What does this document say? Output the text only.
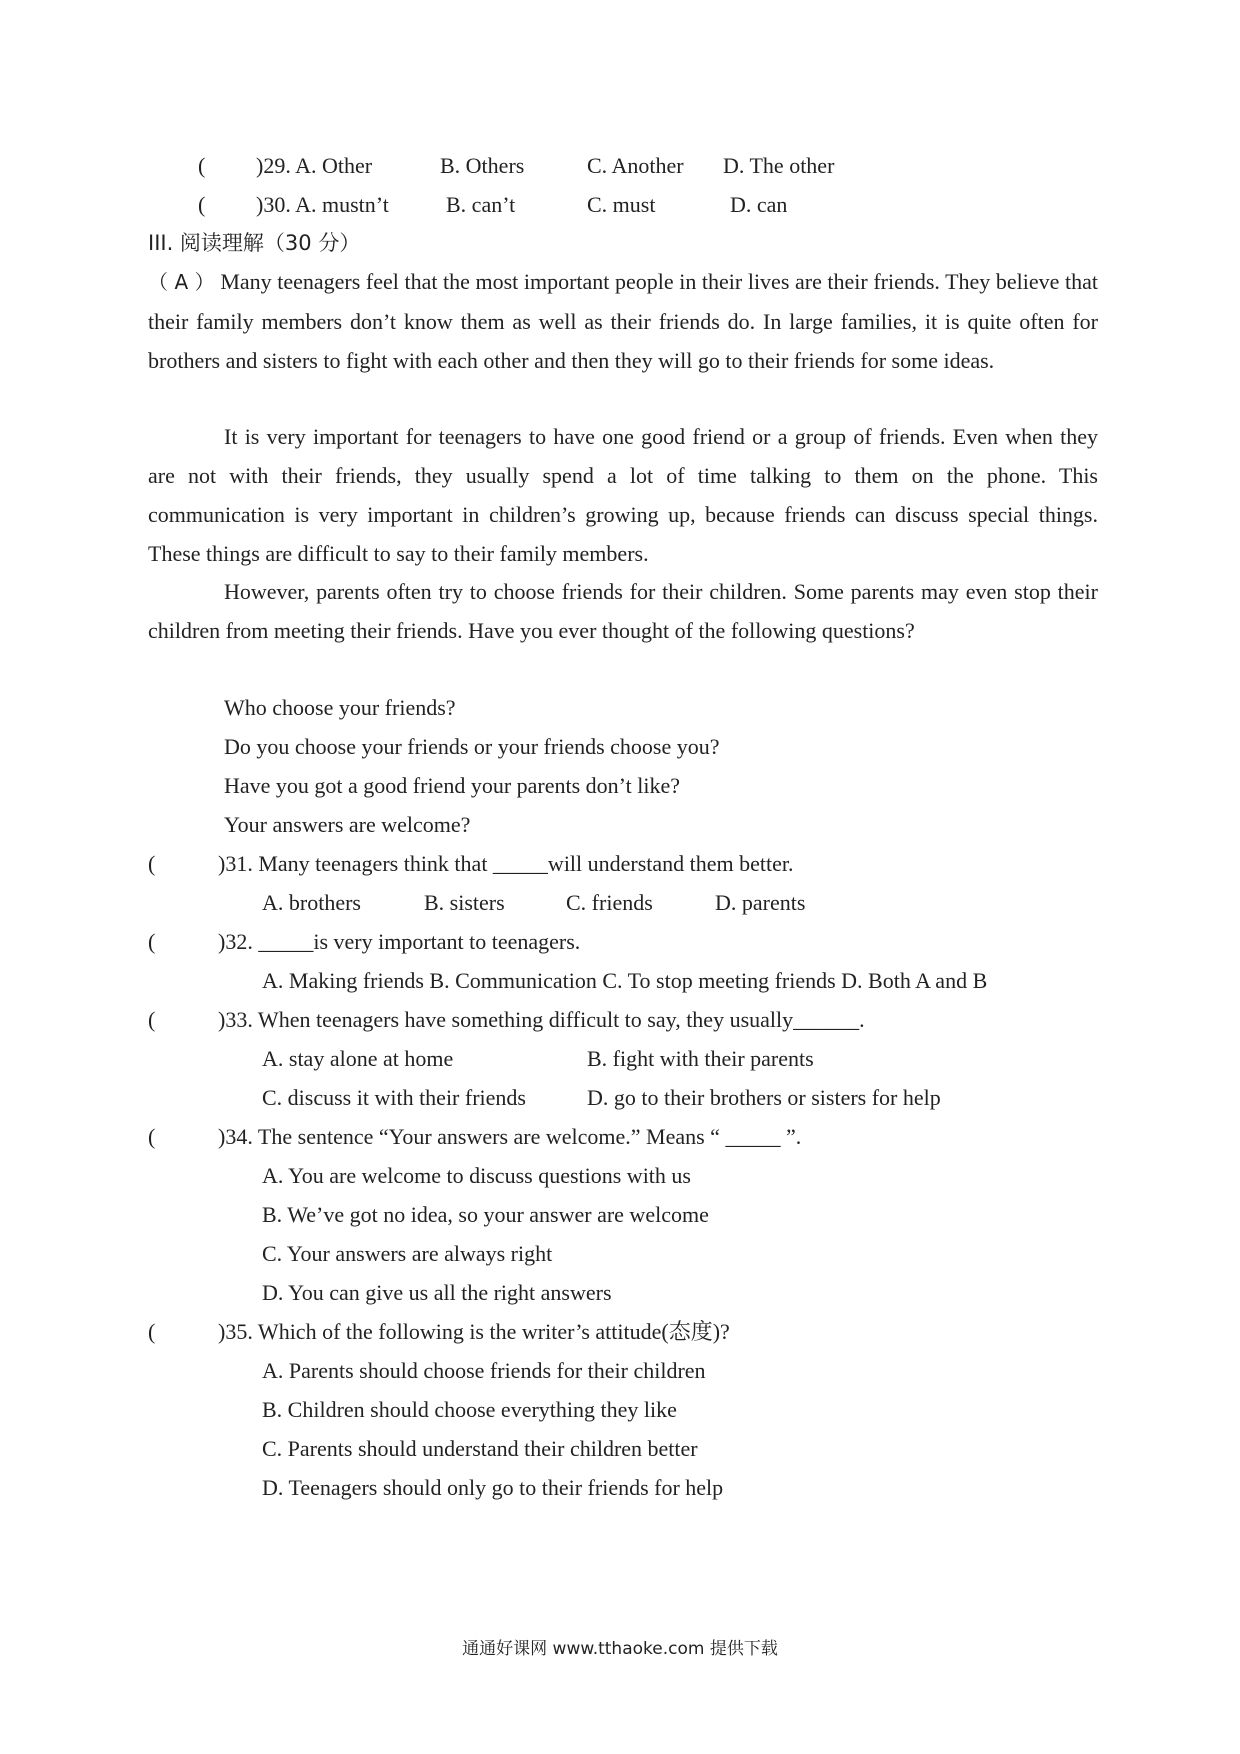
( )29. A. Other	B. Others	C. Another D. The other
( )30. A. mustn’t	B. can’t	C. must	D. can
III. 阅读理解（30 分）
（ A ） Many teenagers feel that the most important people in their lives are their friends. They believe that their family members don’t know them as well as their friends do. In large families, it is quite often for brothers and sisters to fight with each other and then they will go to their friends for some ideas.
It is very important for teenagers to have one good friend or a group of friends. Even when they are not with their friends, they usually spend a lot of time talking to them on the phone. This communication is very important in children’s growing up, because friends can discuss special things. These things are difficult to say to their family members.
However, parents often try to choose friends for their children. Some parents may even stop their children from meeting their friends. Have you ever thought of the following questions?
Who choose your friends?
Do you choose your friends or your friends choose you?
Have you got a good friend your parents don’t like?
Your answers are welcome?
(	)31. Many teenagers think that _____will understand them better.
A. brothers	B. sisters	C. friends	D. parents
(	)32. _____is very important to teenagers.
A. Making friends B. Communication C. To stop meeting friends D. Both A and B
(	)33. When teenagers have something difficult to say, they usually______.
A. stay alone at home	B. fight with their parents
C. discuss it with their friends	D. go to their brothers or sisters for help
(	)34. The sentence “Your answers are welcome.” Means “ _____ ”.
A. You are welcome to discuss questions with us
B. We’ve got no idea, so your answer are welcome
C. Your answers are always right
D. You can give us all the right answers
(	)35. Which of the following is the writer’s attitude(态度)?
A. Parents should choose friends for their children
B. Children should choose everything they like
C. Parents should understand their children better
D. Teenagers should only go to their friends for help
通通好课网 www.tthaoke.com 提供下载
